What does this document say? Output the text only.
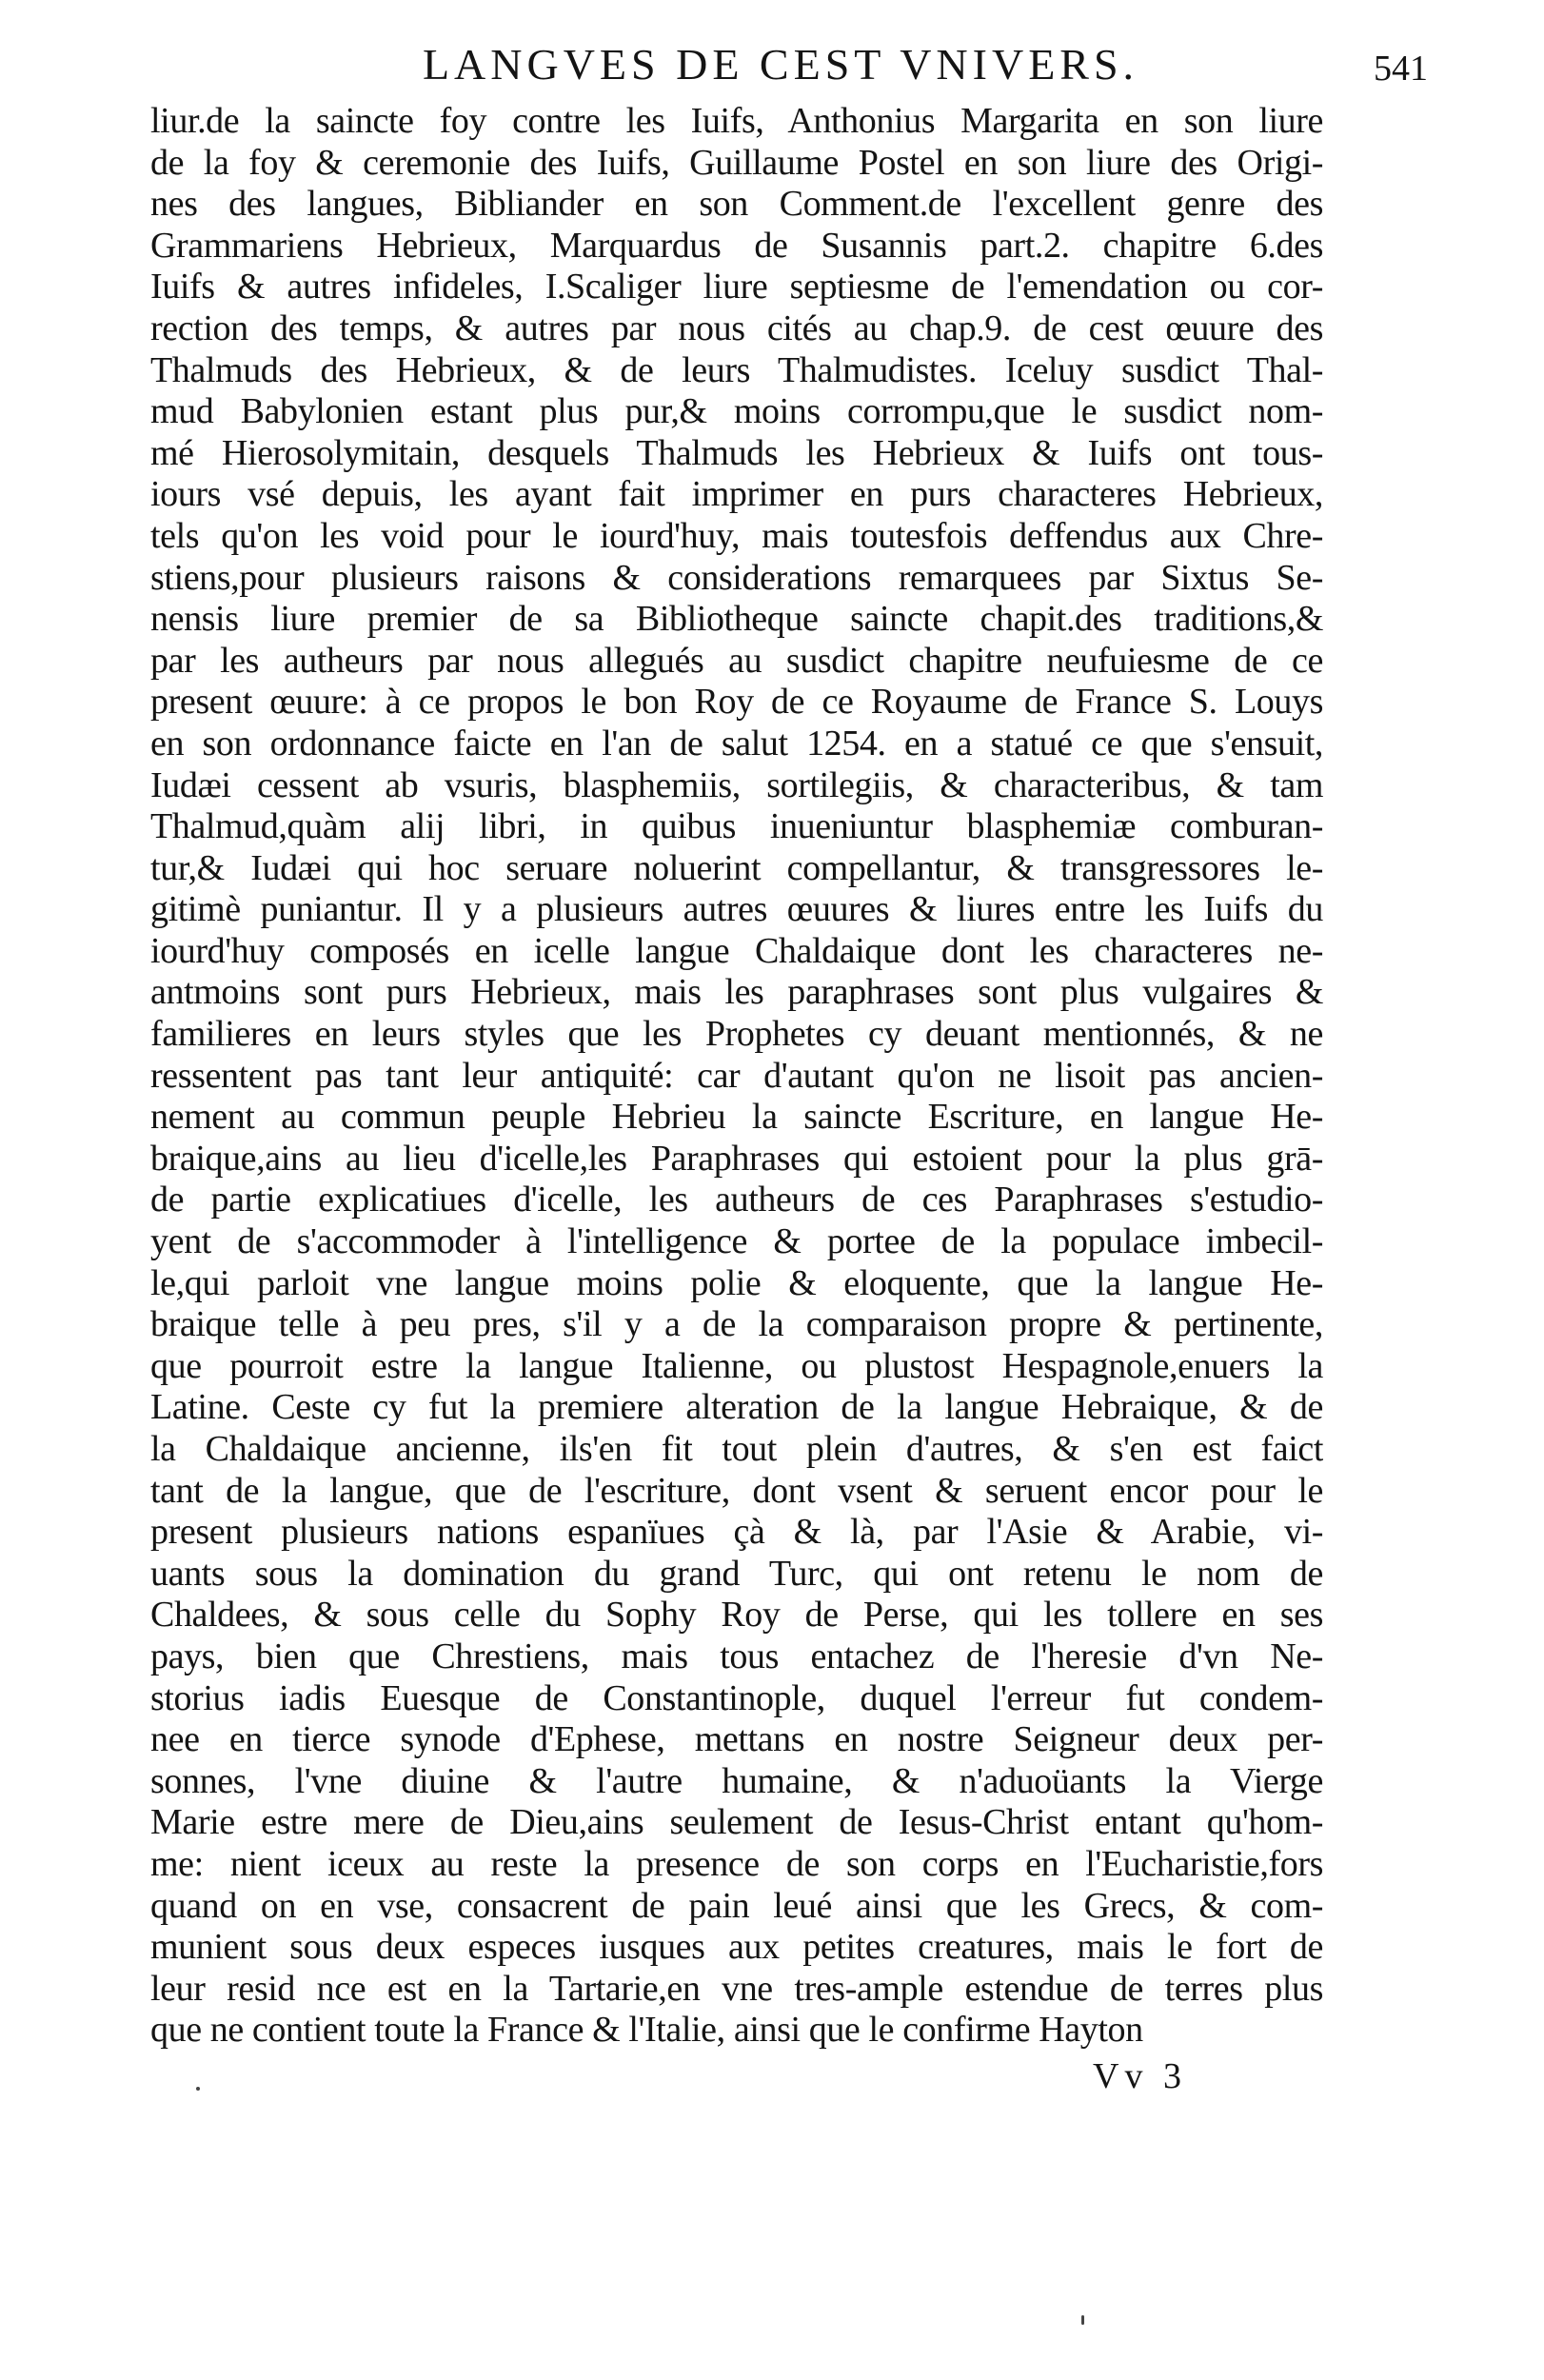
LANGVES DE CEST VNIVERS.	541
liur.de la saincte foy contre les Iuifs, Anthonius Margarita en son liure
de la foy & ceremonie des Iuifs, Guillaume Postel en son liure des Origi-
nes des langues, Bibliander en son Comment.de l'excellent genre des
Grammariens Hebrieux, Marquardus de Susannis part.2. chapitre 6.des
Iuifs & autres infideles, I.Scaliger liure septiesme de l'emendation ou cor-
rection des temps, & autres par nous cités au chap.9. de cest œuure des
Thalmuds des Hebrieux, & de leurs Thalmudistes. Iceluy susdict Thal-
mud Babylonien estant plus pur,& moins corrompu,que le susdict nom-
mé Hierosolymitain, desquels Thalmuds les Hebrieux & Iuifs ont tous-
iours vsé depuis, les ayant fait imprimer en purs characteres Hebrieux,
tels qu'on les void pour le iourd'huy, mais toutesfois deffendus aux Chre-
stiens,pour plusieurs raisons & considerations remarquees par Sixtus Se-
nensis liure premier de sa Bibliotheque saincte chapit.des traditions,&
par les autheurs par nous allegués au susdict chapitre neufuiesme de ce
present œuure: à ce propos le bon Roy de ce Royaume de France S. Louys
en son ordonnance faicte en l'an de salut 1254. en a statué ce que s'ensuit,
Iudæi cessent ab vsuris, blasphemiis, sortilegiis, & characteribus, & tam
Thalmud,quàm alij libri, in quibus inueniuntur blasphemiæ comburan-
tur,& Iudæi qui hoc seruare noluerint compellantur, & transgressores le-
gitimè puniantur. Il y a plusieurs autres œuures & liures entre les Iuifs du
iourd'huy composés en icelle langue Chaldaique dont les characteres ne-
antmoins sont purs Hebrieux, mais les paraphrases sont plus vulgaires &
familieres en leurs styles que les Prophetes cy deuant mentionnés, & ne
ressentent pas tant leur antiquité: car d'autant qu'on ne lisoit pas ancien-
nement au commun peuple Hebrieu la saincte Escriture, en langue He-
braique,ains au lieu d'icelle,les Paraphrases qui estoient pour la plus grā-
de partie explicatiues d'icelle, les autheurs de ces Paraphrases s'estudio-
yent de s'accommoder à l'intelligence & portee de la populace imbecil-
le,qui parloit vne langue moins polie & eloquente, que la langue He-
braique telle à peu pres, s'il y a de la comparaison propre & pertinente,
que pourroit estre la langue Italienne, ou plustost Hespagnole,enuers la
Latine. Ceste cy fut la premiere alteration de la langue Hebraique, & de
la Chaldaique ancienne, ils'en fit tout plein d'autres, & s'en est faict
tant de la langue, que de l'escriture, dont vsent & seruent encor pour le
present plusieurs nations espanïues çà & là, par l'Asie & Arabie, vi-
uants sous la domination du grand Turc, qui ont retenu le nom de
Chaldees, & sous celle du Sophy Roy de Perse, qui les tollere en ses
pays, bien que Chrestiens, mais tous entachez de l'heresie d'vn Ne-
storius iadis Euesque de Constantinople, duquel l'erreur fut condem-
nee en tierce synode d'Ephese, mettans en nostre Seigneur deux per-
sonnes, l'vne diuine & l'autre humaine, & n'aduoüants la Vierge
Marie estre mere de Dieu,ains seulement de Iesus-Christ entant qu'hom-
me: nient iceux au reste la presence de son corps en l'Eucharistie,fors
quand on en vse, consacrent de pain leué ainsi que les Grecs, & com-
munient sous deux especes iusques aux petites creatures, mais le fort de
leur resid nce est en la Tartarie,en vne tres-ample estendue de terres plus
que ne contient toute la France & l'Italie, ainsi que le confirme Hayton
Vv 3
